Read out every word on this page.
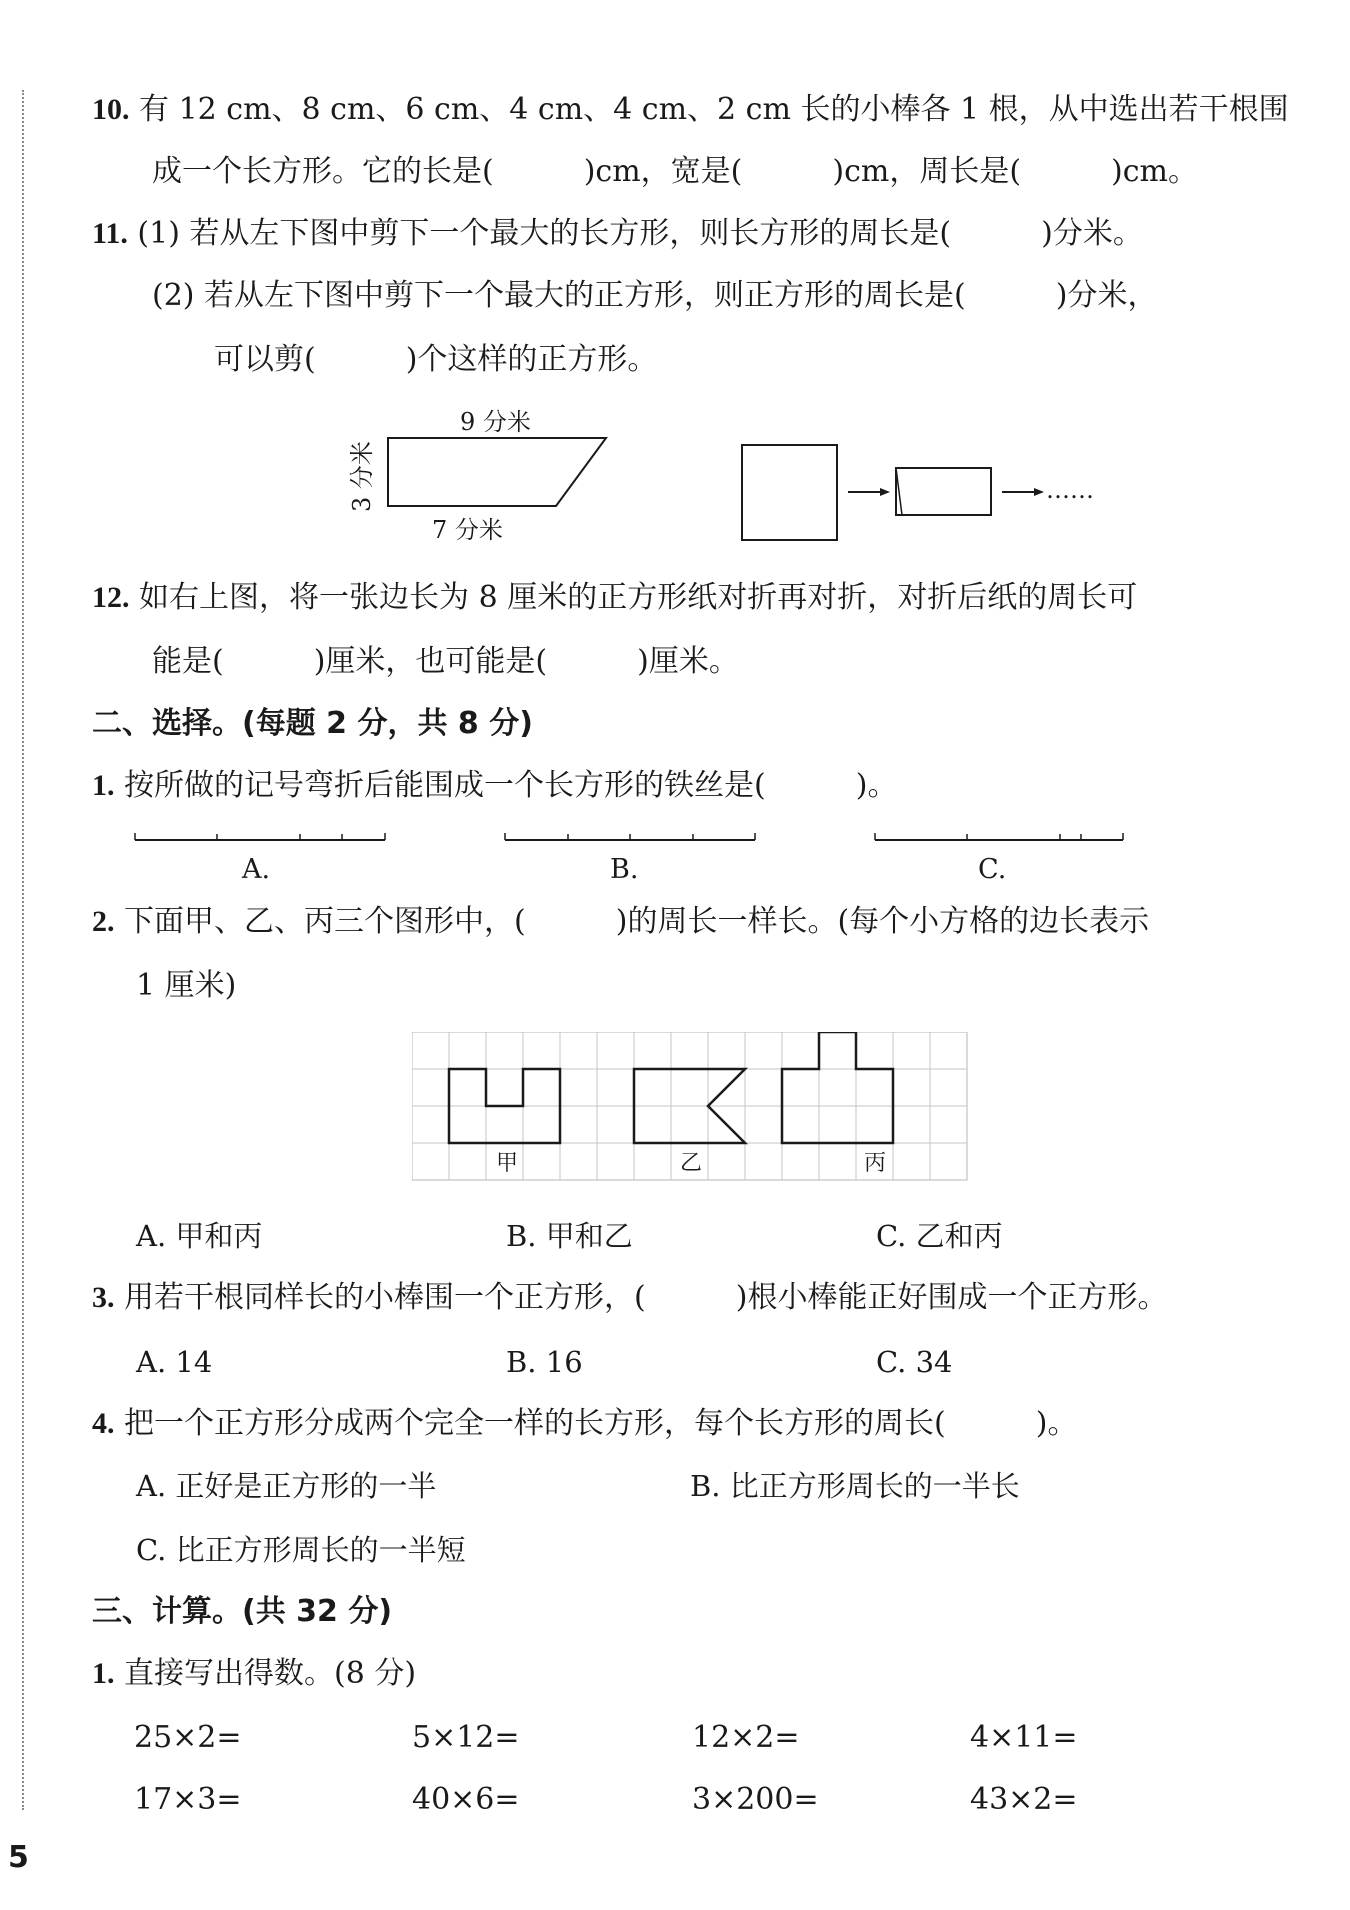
10. 有 12 cm、8 cm、6 cm、4 cm、4 cm、2 cm 长的小棒各 1 根，从中选出若干根围
成一个长方形。它的长是(　　　)cm，宽是(　　　)cm，周长是(　　　)cm。
11. (1) 若从左下图中剪下一个最大的长方形，则长方形的周长是(　　　)分米。
(2) 若从左下图中剪下一个最大的正方形，则正方形的周长是(　　　)分米，
可以剪(　　　)个这样的正方形。
9 分米
3 分米
7 分米
……
12. 如右上图，将一张边长为 8 厘米的正方形纸对折再对折，对折后纸的周长可
能是(　　　)厘米，也可能是(　　　)厘米。
二、选择。(每题 2 分，共 8 分)
1. 按所做的记号弯折后能围成一个长方形的铁丝是(　　　)。
A.	B.	C.
2. 下面甲、乙、丙三个图形中，(　　　)的周长一样长。(每个小方格的边长表示
1 厘米)
甲	乙	丙
A. 甲和丙	B. 甲和乙	C. 乙和丙
3. 用若干根同样长的小棒围一个正方形，(　　　)根小棒能正好围成一个正方形。
A. 14	B. 16	C. 34
4. 把一个正方形分成两个完全一样的长方形，每个长方形的周长(　　　)。
A. 正好是正方形的一半	B. 比正方形周长的一半长
C. 比正方形周长的一半短
三、计算。(共 32 分)
1. 直接写出得数。(8 分)
25×2=	5×12=	12×2=	4×11=
17×3=	40×6=	3×200=	43×2=
5
